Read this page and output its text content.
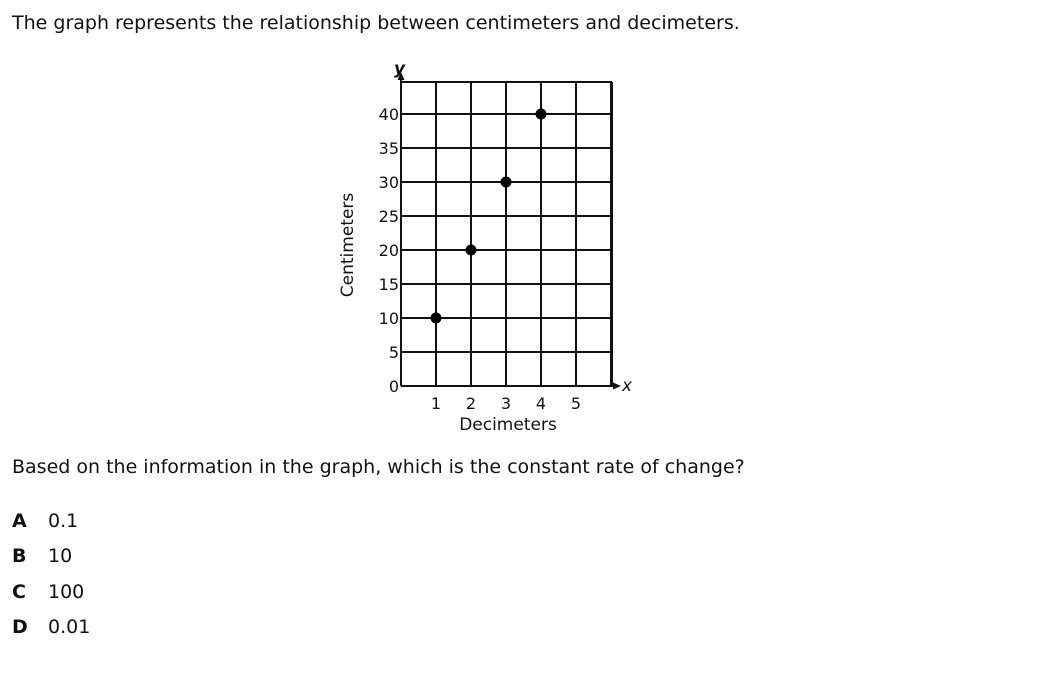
The graph represents the relationship between centimeters and decimeters.
x
y
0
5
10
15
20
25
30
35
40
1 2 3 4 5
Decimeters
Centimeters
Based on the information in the graph, which is the constant rate of change?
A	0.1
B	10
C	100
D	0.01
